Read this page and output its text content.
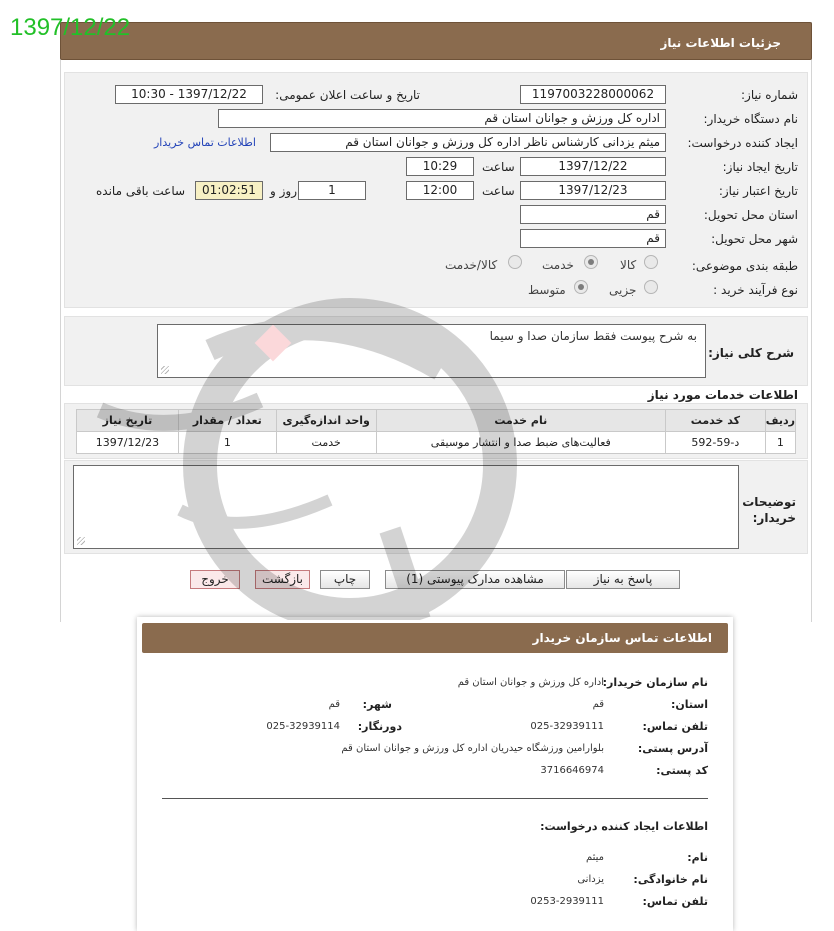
1397/12/22
جزئیات اطلاعات نیاز
شماره نیاز:
1197003228000062
تاریخ و ساعت اعلان عمومی:
1397/12/22 - 10:30
نام دستگاه خریدار:
اداره کل ورزش و جوانان استان قم
ایجاد کننده درخواست:
میثم یزدانی کارشناس ناظر اداره کل ورزش و جوانان استان قم
اطلاعات تماس خریدار
تاریخ ایجاد نیاز:
1397/12/22
ساعت
10:29
تاریخ اعتبار نیاز:
1397/12/23
ساعت
12:00
1
روز و
01:02:51
ساعت باقی مانده
استان محل تحویل:
قم
شهر محل تحویل:
قم
طبقه بندی موضوعی:
کالا
خدمت
کالا/خدمت
نوع فرآیند خرید :
جزیی
متوسط
شرح کلی نیاز:
به شرح پیوست فقط سازمان صدا و سیما
اطلاعات خدمات مورد نیاز
ردیف	کد خدمت	نام خدمت	واحد اندازه‌گیری	تعداد / مقدار	تاریخ نیاز
1	د-59-592	فعالیت‌های ضبط صدا و انتشار موسیقی	خدمت	1	1397/12/23
توضیحات
خریدار:
پاسخ به نیاز
مشاهده مدارک پیوستی (1)
چاپ
بازگشت
خروج
اطلاعات تماس سازمان خریدار
نام سازمان خریدار:
اداره کل ورزش و جوانان استان قم
استان:
قم
شهر:
قم
تلفن تماس:
025-32939111
دورنگار:
025-32939114
آدرس پستی:
بلوارامین ورزشگاه حیدریان اداره کل ورزش و جوانان استان قم
کد پستی:
3716646974
اطلاعات ایجاد کننده درخواست:
نام:
میثم
نام خانوادگی:
یزدانی
تلفن تماس:
0253-2939111
